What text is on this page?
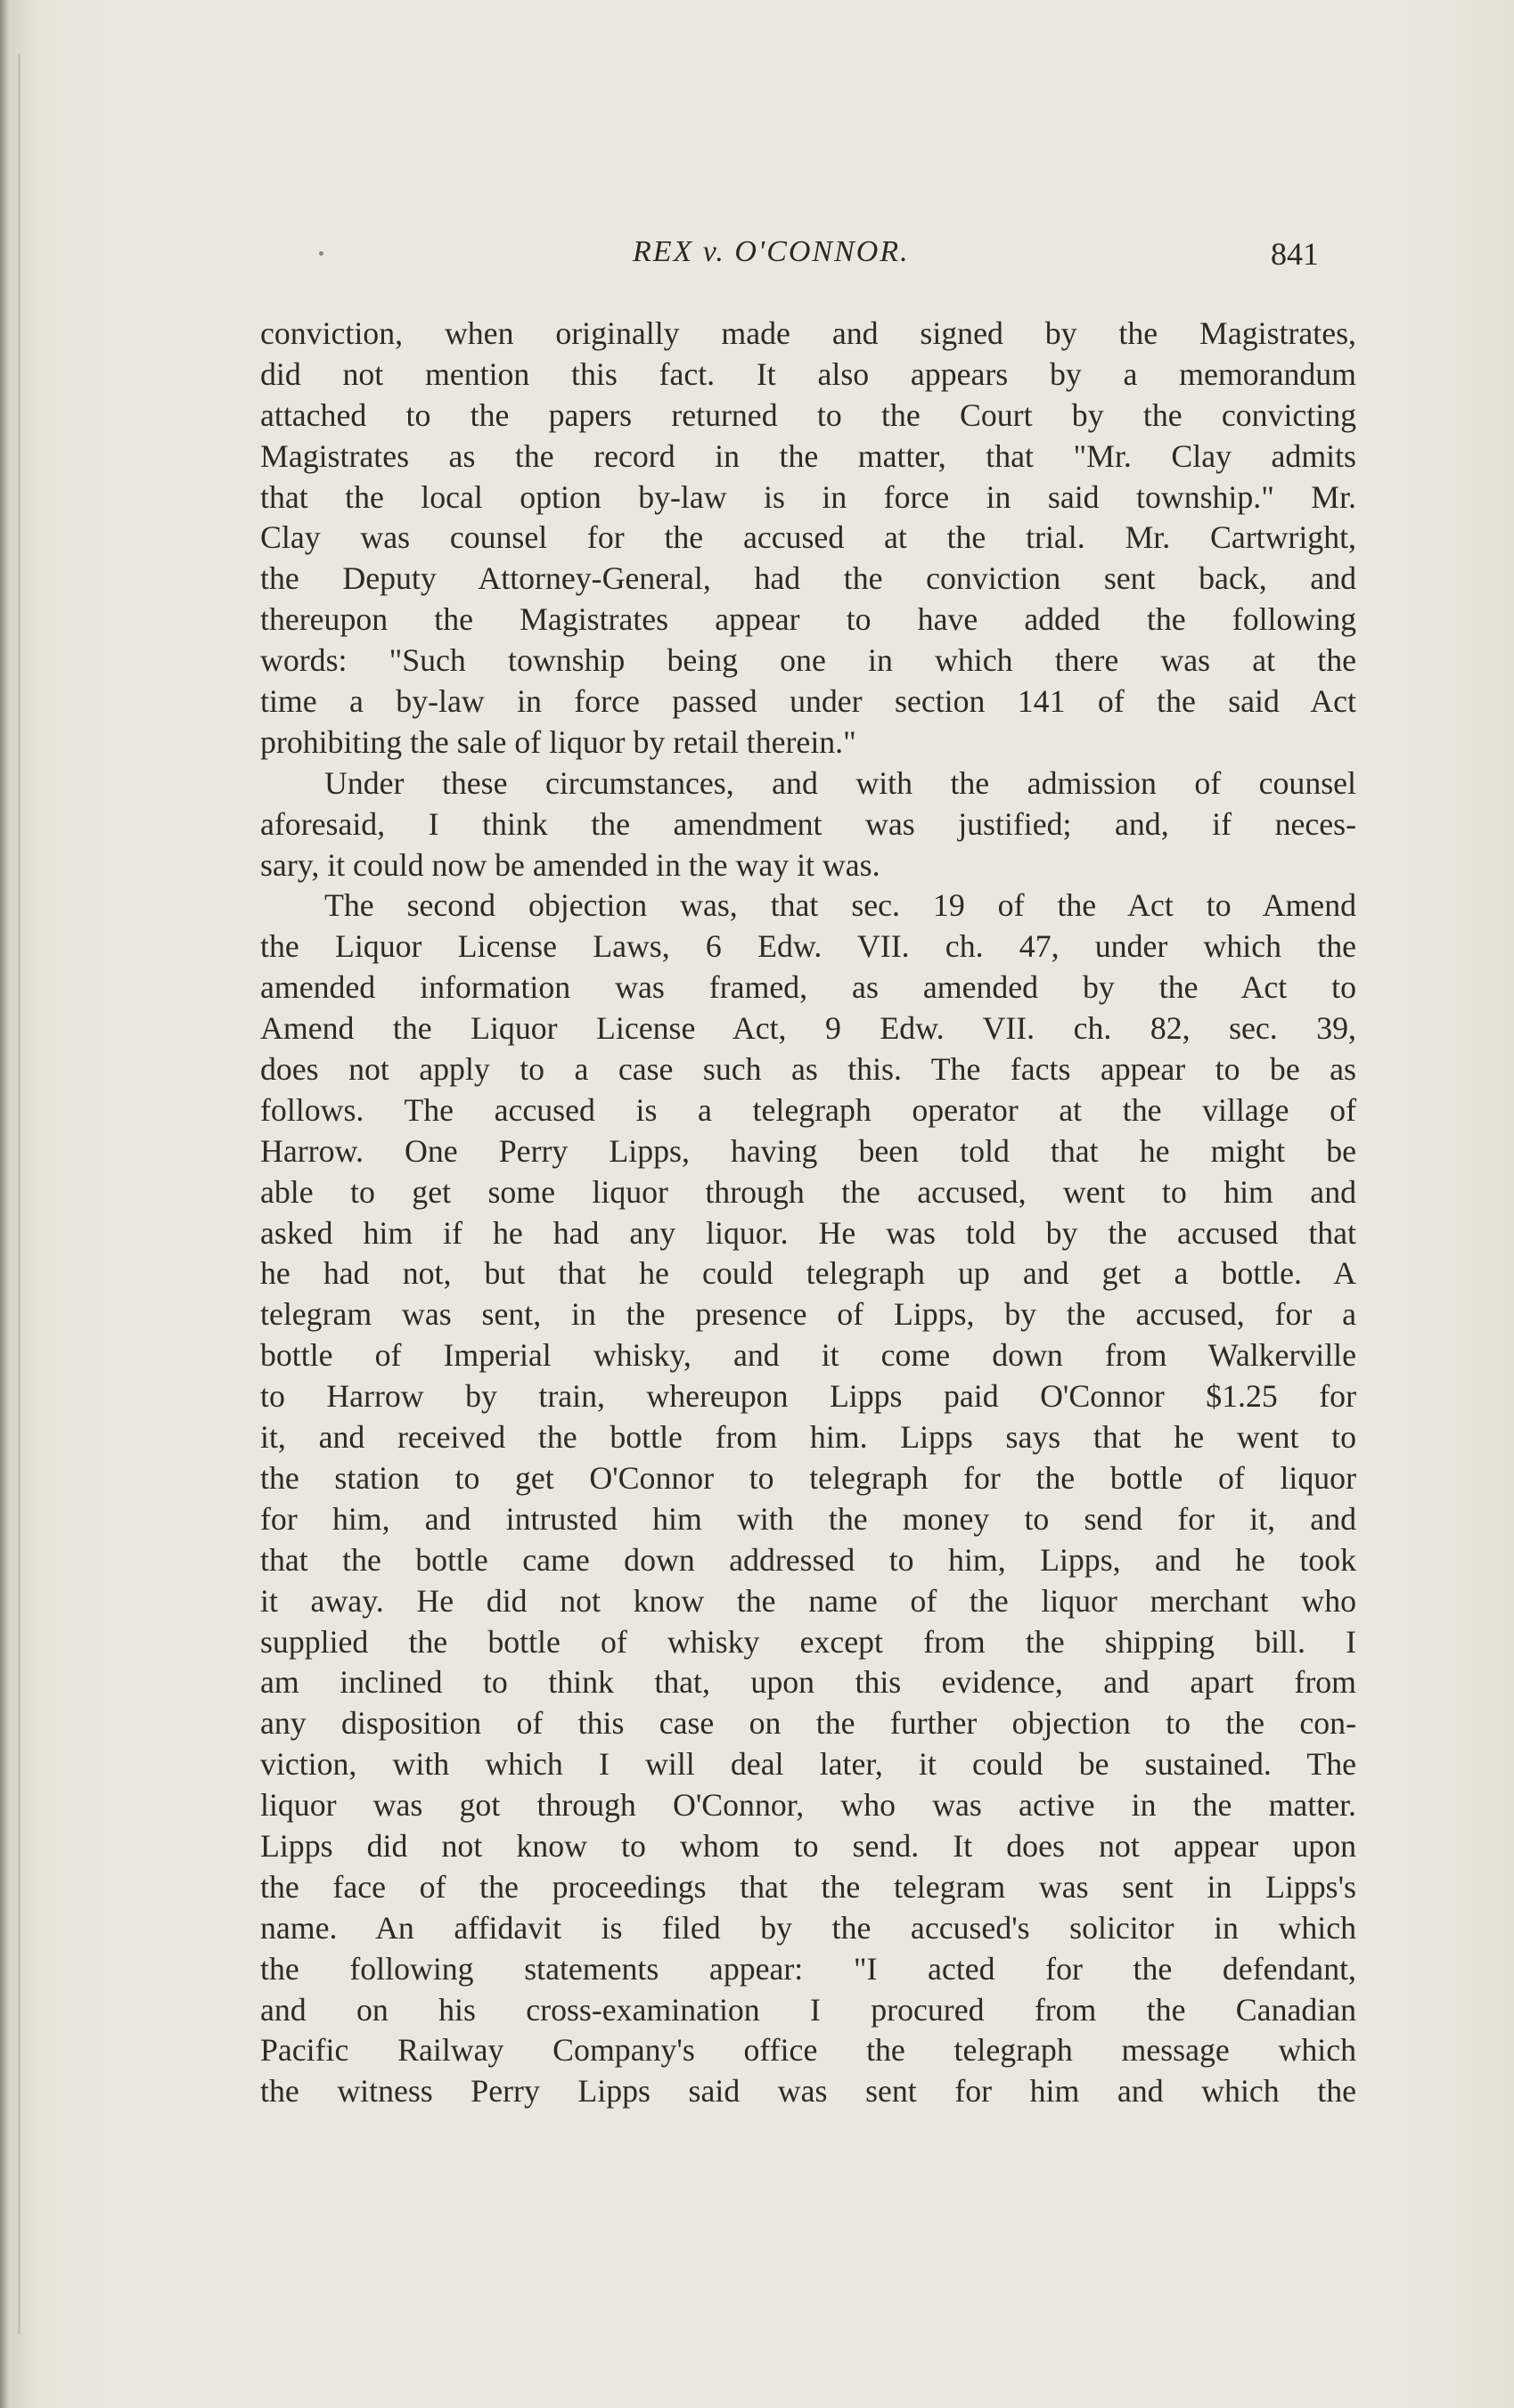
REX v. O'CONNOR.	841
conviction, when originally made and signed by the Magistrates,
did not mention this fact. It also appears by a memorandum
attached to the papers returned to the Court by the convicting
Magistrates as the record in the matter, that "Mr. Clay admits
that the local option by-law is in force in said township." Mr.
Clay was counsel for the accused at the trial. Mr. Cartwright,
the Deputy Attorney-General, had the conviction sent back, and
thereupon the Magistrates appear to have added the following
words: "Such township being one in which there was at the
time a by-law in force passed under section 141 of the said Act
prohibiting the sale of liquor by retail therein."
Under these circumstances, and with the admission of counsel
aforesaid, I think the amendment was justified; and, if neces-
sary, it could now be amended in the way it was.
The second objection was, that sec. 19 of the Act to Amend
the Liquor License Laws, 6 Edw. VII. ch. 47, under which the
amended information was framed, as amended by the Act to
Amend the Liquor License Act, 9 Edw. VII. ch. 82, sec. 39,
does not apply to a case such as this. The facts appear to be as
follows. The accused is a telegraph operator at the village of
Harrow. One Perry Lipps, having been told that he might be
able to get some liquor through the accused, went to him and
asked him if he had any liquor. He was told by the accused that
he had not, but that he could telegraph up and get a bottle. A
telegram was sent, in the presence of Lipps, by the accused, for a
bottle of Imperial whisky, and it come down from Walkerville
to Harrow by train, whereupon Lipps paid O'Connor $1.25 for
it, and received the bottle from him. Lipps says that he went to
the station to get O'Connor to telegraph for the bottle of liquor
for him, and intrusted him with the money to send for it, and
that the bottle came down addressed to him, Lipps, and he took
it away. He did not know the name of the liquor merchant who
supplied the bottle of whisky except from the shipping bill. I
am inclined to think that, upon this evidence, and apart from
any disposition of this case on the further objection to the con-
viction, with which I will deal later, it could be sustained. The
liquor was got through O'Connor, who was active in the matter.
Lipps did not know to whom to send. It does not appear upon
the face of the proceedings that the telegram was sent in Lipps's
name. An affidavit is filed by the accused's solicitor in which
the following statements appear: "I acted for the defendant,
and on his cross-examination I procured from the Canadian
Pacific Railway Company's office the telegraph message which
the witness Perry Lipps said was sent for him and which the
